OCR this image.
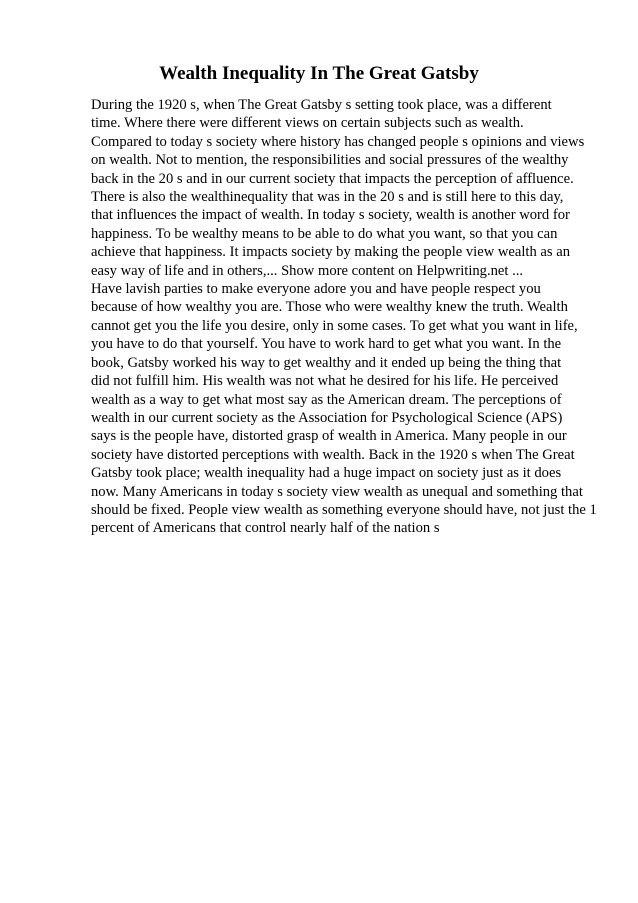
Wealth Inequality In The Great Gatsby
During the 1920 s, when The Great Gatsby s setting took place, was a different
time. Where there were different views on certain subjects such as wealth.
Compared to today s society where history has changed people s opinions and views
on wealth. Not to mention, the responsibilities and social pressures of the wealthy
back in the 20 s and in our current society that impacts the perception of affluence.
There is also the wealthinequality that was in the 20 s and is still here to this day,
that influences the impact of wealth. In today s society, wealth is another word for
happiness. To be wealthy means to be able to do what you want, so that you can
achieve that happiness. It impacts society by making the people view wealth as an
easy way of life and in others,... Show more content on Helpwriting.net ...
Have lavish parties to make everyone adore you and have people respect you
because of how wealthy you are. Those who were wealthy knew the truth. Wealth
cannot get you the life you desire, only in some cases. To get what you want in life,
you have to do that yourself. You have to work hard to get what you want. In the
book, Gatsby worked his way to get wealthy and it ended up being the thing that
did not fulfill him. His wealth was not what he desired for his life. He perceived
wealth as a way to get what most say as the American dream. The perceptions of
wealth in our current society as the Association for Psychological Science (APS)
says is the people have, distorted grasp of wealth in America. Many people in our
society have distorted perceptions with wealth. Back in the 1920 s when The Great
Gatsby took place; wealth inequality had a huge impact on society just as it does
now. Many Americans in today s society view wealth as unequal and something that
should be fixed. People view wealth as something everyone should have, not just the 1
percent of Americans that control nearly half of the nation s
